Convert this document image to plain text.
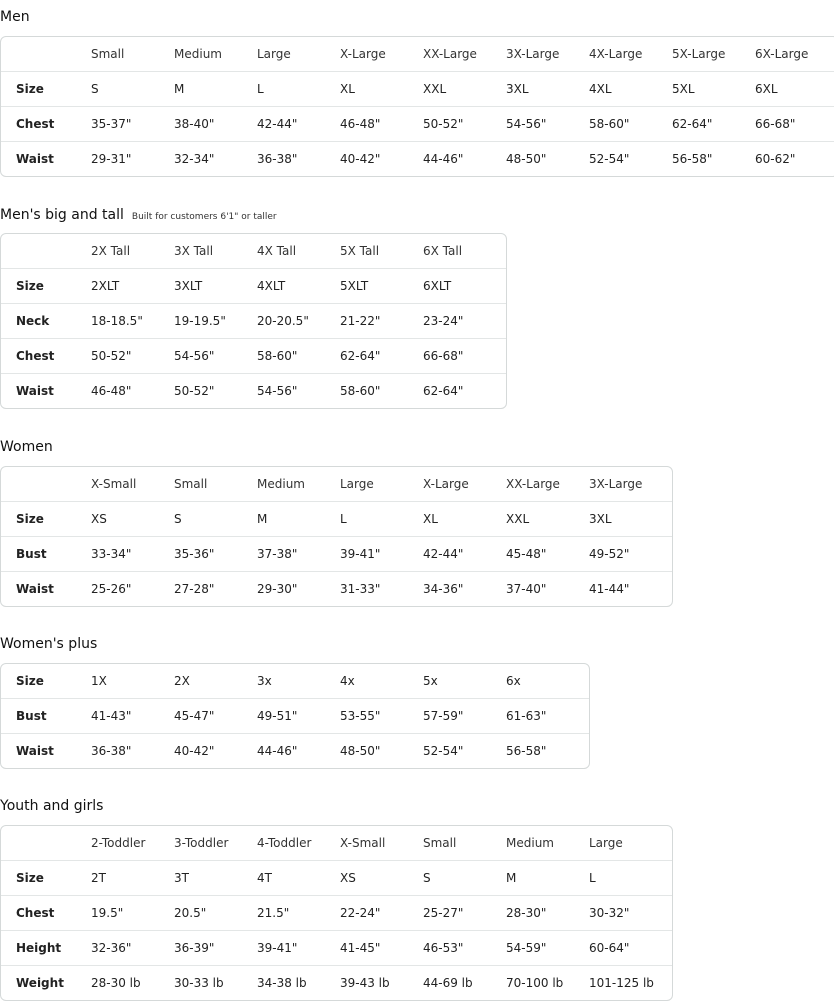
Men
	Small	Medium	Large	X-Large	XX-Large	3X-Large	4X-Large	5X-Large	6X-Large
Size	S	M	L	XL	XXL	3XL	4XL	5XL	6XL
Chest	35-37"	38-40"	42-44"	46-48"	50-52"	54-56"	58-60"	62-64"	66-68"
Waist	29-31"	32-34"	36-38"	40-42"	44-46"	48-50"	52-54"	56-58"	60-62"
Men's big and tall Built for customers 6'1" or taller
	2X Tall	3X Tall	4X Tall	5X Tall	6X Tall
Size	2XLT	3XLT	4XLT	5XLT	6XLT
Neck	18-18.5"	19-19.5"	20-20.5"	21-22"	23-24"
Chest	50-52"	54-56"	58-60"	62-64"	66-68"
Waist	46-48"	50-52"	54-56"	58-60"	62-64"
Women
	X-Small	Small	Medium	Large	X-Large	XX-Large	3X-Large
Size	XS	S	M	L	XL	XXL	3XL
Bust	33-34"	35-36"	37-38"	39-41"	42-44"	45-48"	49-52"
Waist	25-26"	27-28"	29-30"	31-33"	34-36"	37-40"	41-44"
Women's plus
Size	1X	2X	3x	4x	5x	6x
Bust	41-43"	45-47"	49-51"	53-55"	57-59"	61-63"
Waist	36-38"	40-42"	44-46"	48-50"	52-54"	56-58"
Youth and girls
	2-Toddler	3-Toddler	4-Toddler	X-Small	Small	Medium	Large
Size	2T	3T	4T	XS	S	M	L
Chest	19.5"	20.5"	21.5"	22-24"	25-27"	28-30"	30-32"
Height	32-36"	36-39"	39-41"	41-45"	46-53"	54-59"	60-64"
Weight	28-30 lb	30-33 lb	34-38 lb	39-43 lb	44-69 lb	70-100 lb	101-125 lb
